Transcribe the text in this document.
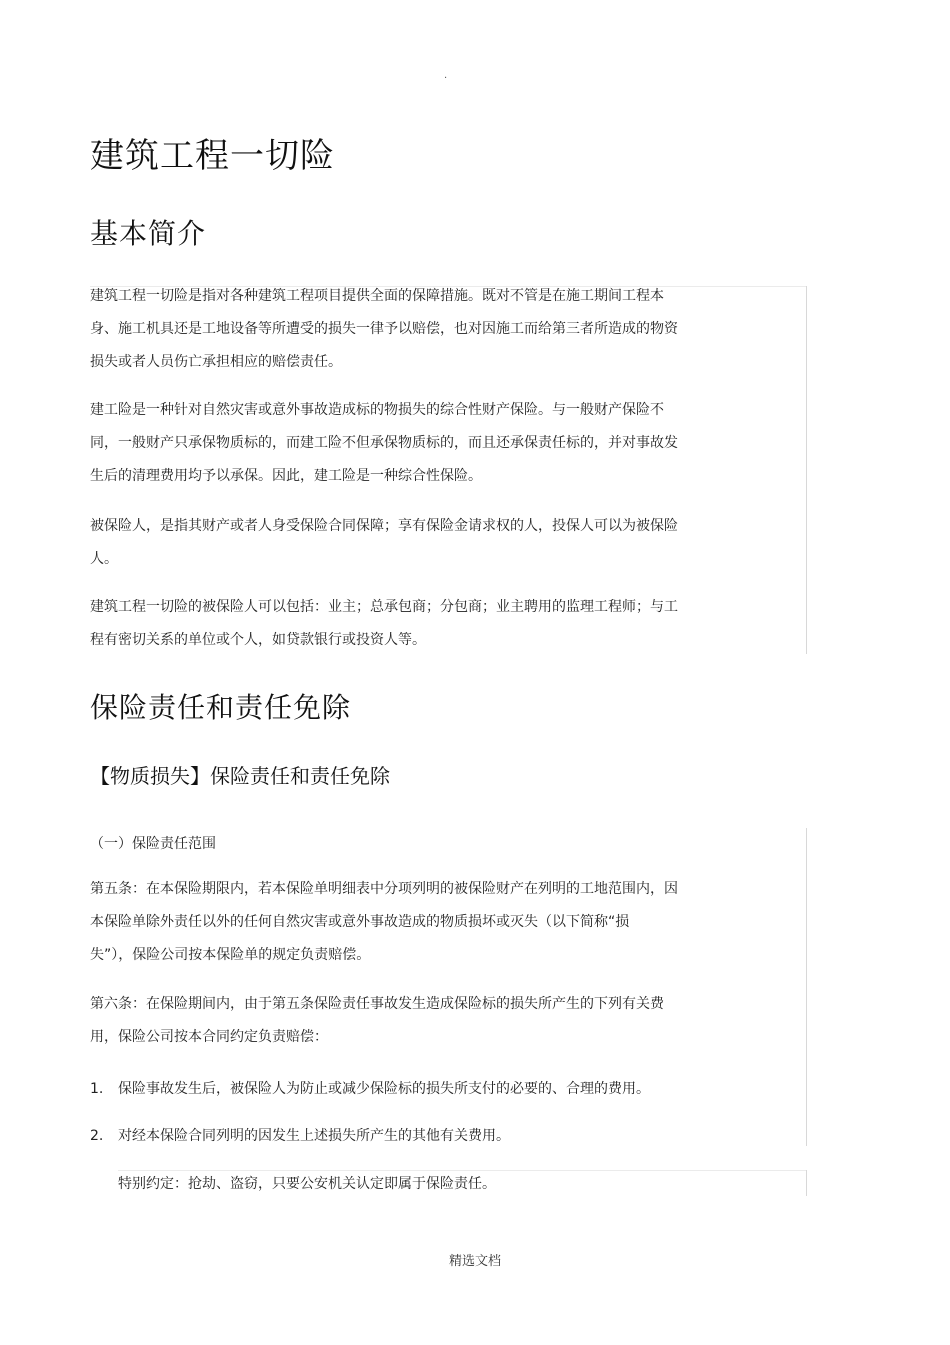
.
建筑工程一切险
基本简介
建筑工程一切险是指对各种建筑工程项目提供全面的保障措施。既对不管是在施工期间工程本
身、施工机具还是工地设备等所遭受的损失一律予以赔偿，也对因施工而给第三者所造成的物资
损失或者人员伤亡承担相应的赔偿责任。
建工险是一种针对自然灾害或意外事故造成标的物损失的综合性财产保险。与一般财产保险不
同，一般财产只承保物质标的，而建工险不但承保物质标的，而且还承保责任标的，并对事故发
生后的清理费用均予以承保。因此，建工险是一种综合性保险。
被保险人，是指其财产或者人身受保险合同保障；享有保险金请求权的人，投保人可以为被保险
人。
建筑工程一切险的被保险人可以包括：业主；总承包商；分包商；业主聘用的监理工程师；与工
程有密切关系的单位或个人，如贷款银行或投资人等。
保险责任和责任免除
【物质损失】保险责任和责任免除
（一）保险责任范围
第五条：在本保险期限内，若本保险单明细表中分项列明的被保险财产在列明的工地范围内，因
本保险单除外责任以外的任何自然灾害或意外事故造成的物质损坏或灭失（以下简称“损
失”），保险公司按本保险单的规定负责赔偿。
第六条：在保险期间内，由于第五条保险责任事故发生造成保险标的损失所产生的下列有关费
用，保险公司按本合同约定负责赔偿：
1. 保险事故发生后，被保险人为防止或减少保险标的损失所支付的必要的、合理的费用。
2. 对经本保险合同列明的因发生上述损失所产生的其他有关费用。
特别约定：抢劫、盗窃，只要公安机关认定即属于保险责任。
精选文档
